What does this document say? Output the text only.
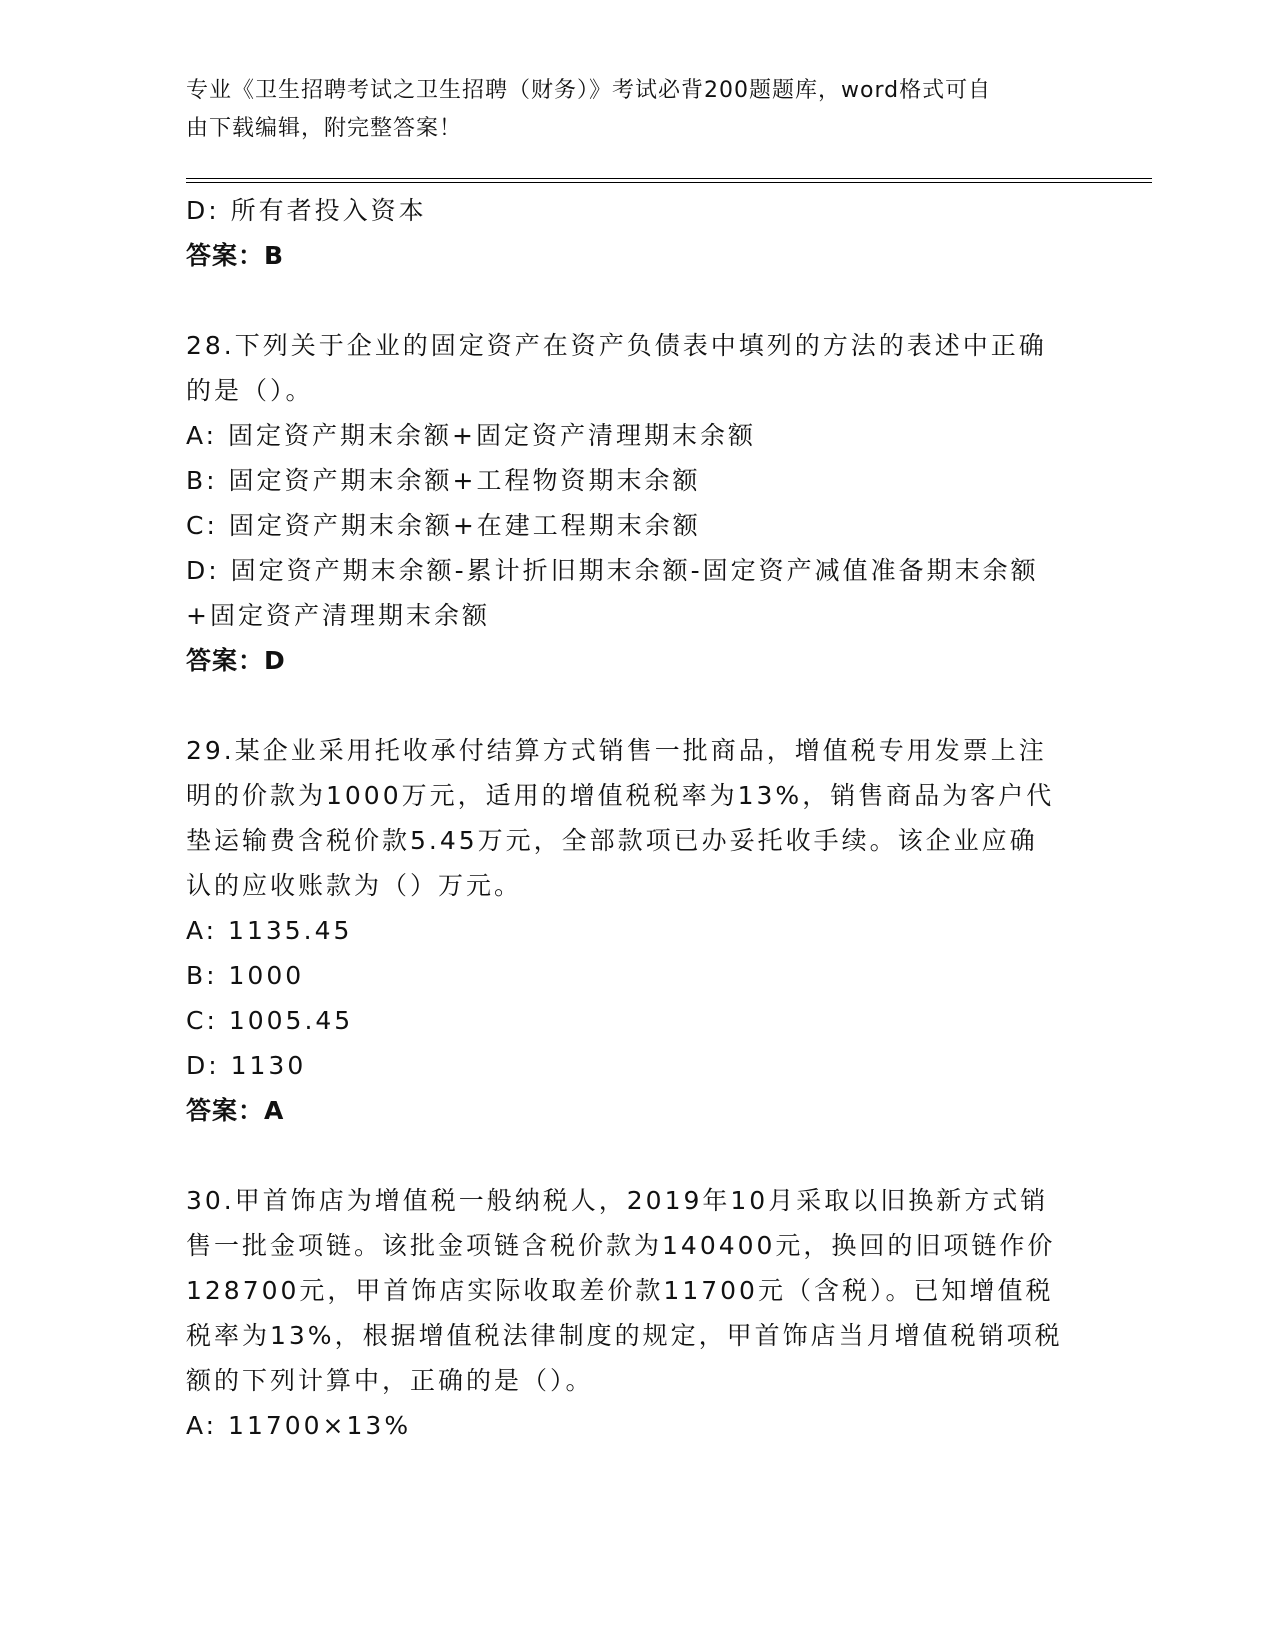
专业《卫生招聘考试之卫生招聘（财务）》考试必背200题题库，word格式可自
由下载编辑，附完整答案！
D: 所有者投入资本
答案：B
28.下列关于企业的固定资产在资产负债表中填列的方法的表述中正确
的是（）。
A: 固定资产期末余额+固定资产清理期末余额
B: 固定资产期末余额+工程物资期末余额
C: 固定资产期末余额+在建工程期末余额
D: 固定资产期末余额-累计折旧期末余额-固定资产减值准备期末余额
+固定资产清理期末余额
答案：D
29.某企业采用托收承付结算方式销售一批商品，增值税专用发票上注
明的价款为1000万元，适用的增值税税率为13%，销售商品为客户代
垫运输费含税价款5.45万元，全部款项已办妥托收手续。该企业应确
认的应收账款为（）万元。
A: 1135.45
B: 1000
C: 1005.45
D: 1130
答案：A
30.甲首饰店为增值税一般纳税人，2019年10月采取以旧换新方式销
售一批金项链。该批金项链含税价款为140400元，换回的旧项链作价
128700元，甲首饰店实际收取差价款11700元（含税）。已知增值税
税率为13%，根据增值税法律制度的规定，甲首饰店当月增值税销项税
额的下列计算中，正确的是（）。
A: 11700×13%
